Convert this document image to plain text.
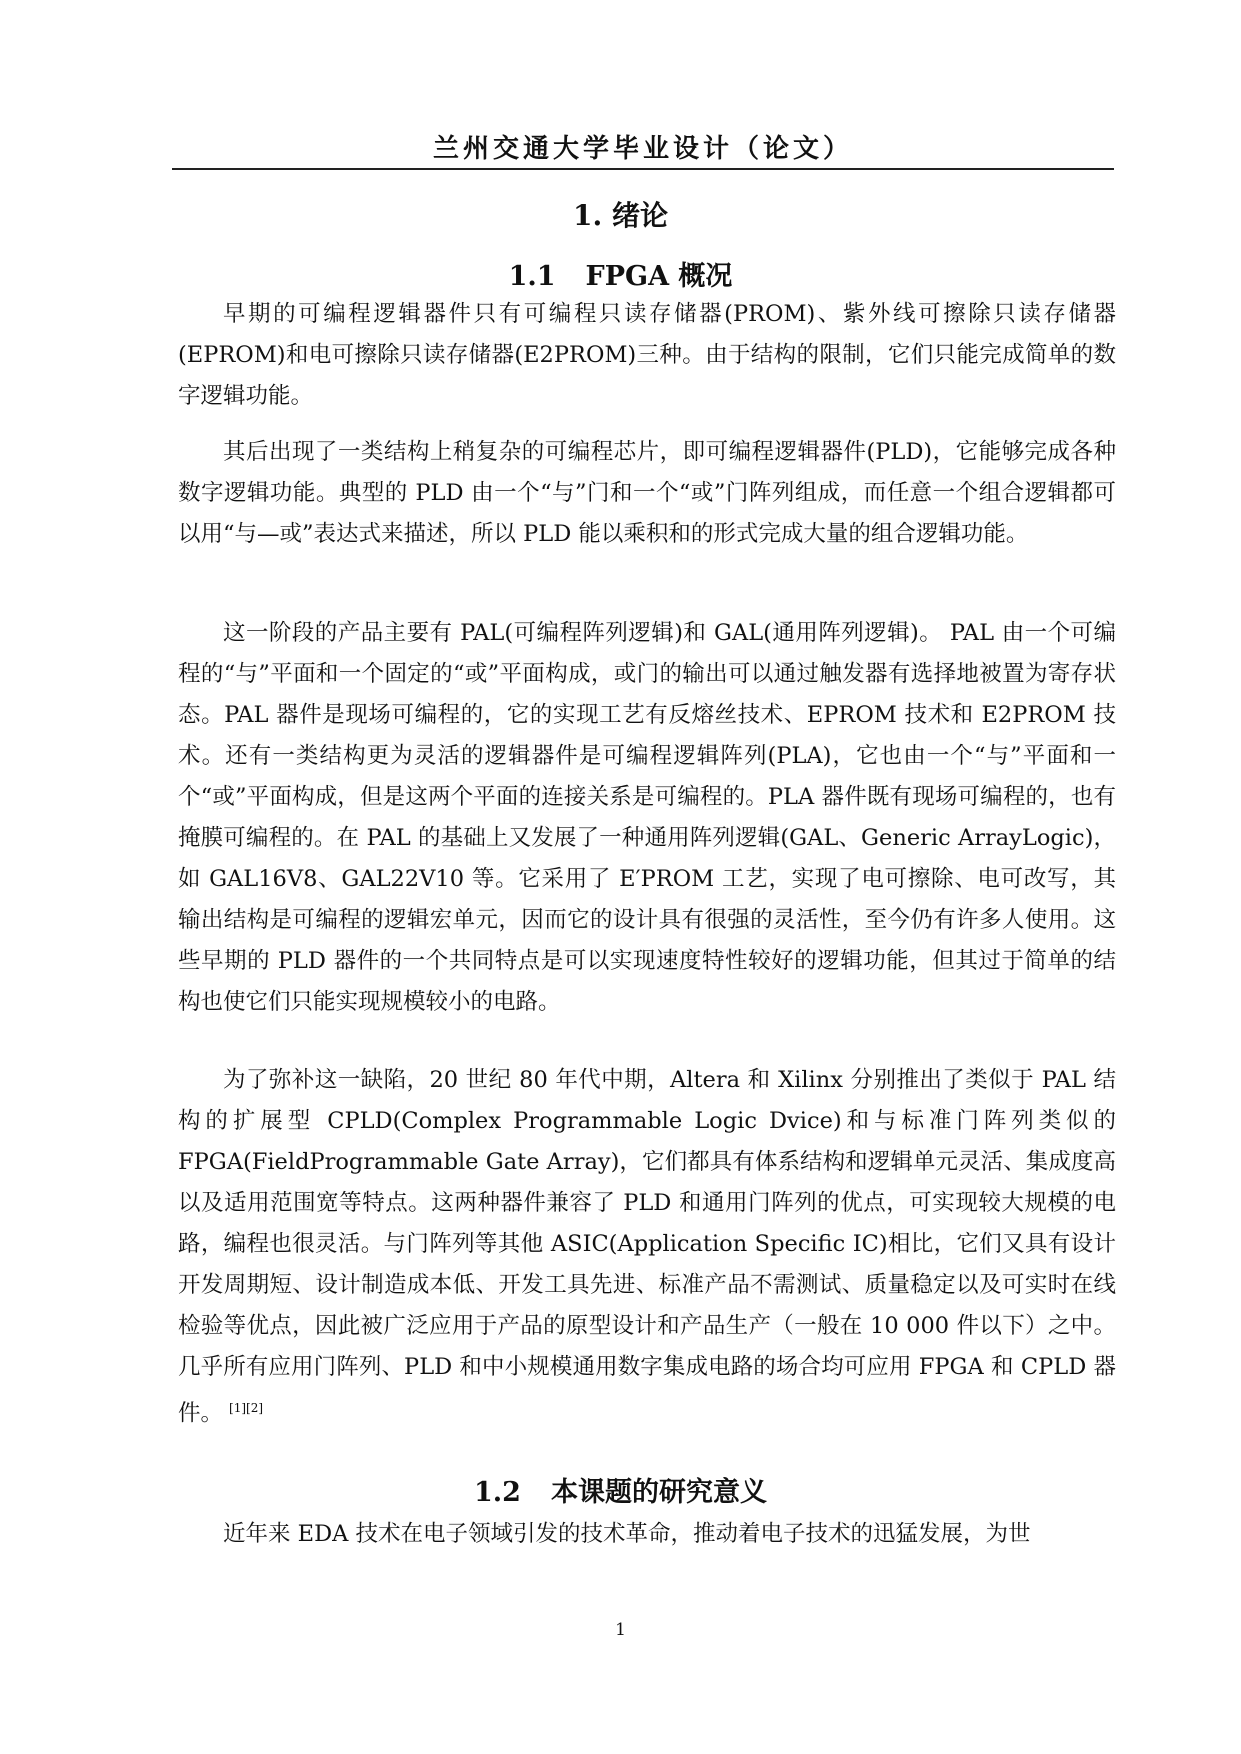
兰州交通大学毕业设计（论文）
1. 绪论
1.1 FPGA 概况
早期的可编程逻辑器件只有可编程只读存储器(PROM)、紫外线可擦除只读存储器(EPROM)和电可擦除只读存储器(E2PROM)三种。由于结构的限制，它们只能完成简单的数字逻辑功能。
其后出现了一类结构上稍复杂的可编程芯片，即可编程逻辑器件(PLD)，它能够完成各种数字逻辑功能。典型的 PLD 由一个“与”门和一个“或”门阵列组成，而任意一个组合逻辑都可以用“与—或”表达式来描述，所以 PLD 能以乘积和的形式完成大量的组合逻辑功能。
这一阶段的产品主要有 PAL(可编程阵列逻辑)和 GAL(通用阵列逻辑)。 PAL 由一个可编程的“与”平面和一个固定的“或”平面构成，或门的输出可以通过触发器有选择地被置为寄存状态。PAL 器件是现场可编程的，它的实现工艺有反熔丝技术、EPROM 技术和 E2PROM 技术。还有一类结构更为灵活的逻辑器件是可编程逻辑阵列(PLA)，它也由一个“与”平面和一个“或”平面构成，但是这两个平面的连接关系是可编程的。PLA 器件既有现场可编程的，也有掩膜可编程的。在 PAL 的基础上又发展了一种通用阵列逻辑(GAL、Generic ArrayLogic)，如 GAL16V8、GAL22V10 等。它采用了 E′PROM 工艺，实现了电可擦除、电可改写，其输出结构是可编程的逻辑宏单元，因而它的设计具有很强的灵活性，至今仍有许多人使用。这些早期的 PLD 器件的一个共同特点是可以实现速度特性较好的逻辑功能，但其过于简单的结构也使它们只能实现规模较小的电路。
为了弥补这一缺陷，20 世纪 80 年代中期，Altera 和 Xilinx 分别推出了类似于 PAL 结构的扩展型 CPLD(Complex Programmable Logic Dvice)和与标准门阵列类似的 FPGA(FieldProgrammable Gate Array)，它们都具有体系结构和逻辑单元灵活、集成度高以及适用范围宽等特点。这两种器件兼容了 PLD 和通用门阵列的优点，可实现较大规模的电路，编程也很灵活。与门阵列等其他 ASIC(Application Specific IC)相比，它们又具有设计开发周期短、设计制造成本低、开发工具先进、标准产品不需测试、质量稳定以及可实时在线检验等优点，因此被广泛应用于产品的原型设计和产品生产（一般在 10 000 件以下）之中。几乎所有应用门阵列、PLD 和中小规模通用数字集成电路的场合均可应用 FPGA 和 CPLD 器件。 [1][2]
1.2 本课题的研究意义
近年来 EDA 技术在电子领域引发的技术革命，推动着电子技术的迅猛发展，为世
1
